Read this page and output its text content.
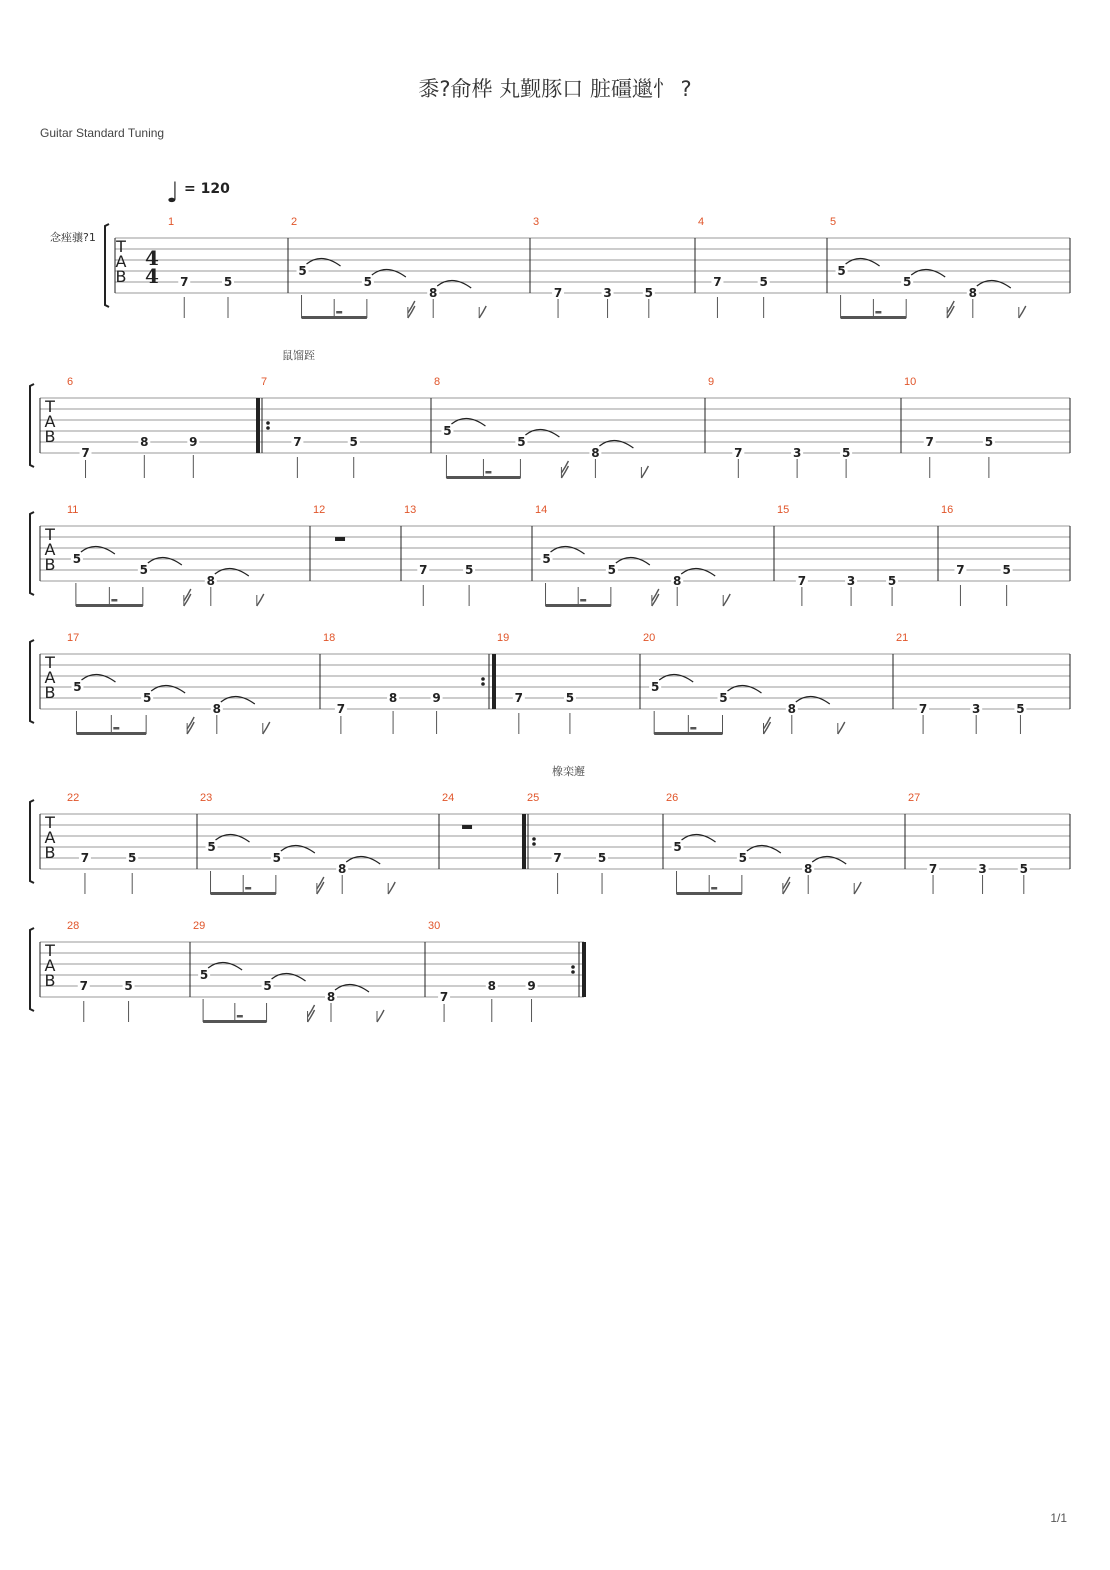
黍?俞桦 丸觐豚口 脏礓邋忄 ?
Guitar Standard Tuning
♩ = 120
念痤骧?1
鼠馏跮
橡栾邂
T
A
B
4
4
1
7	5
2
5
5
8
3
7	3	5
4
7	5
5
5
5
8
T
A
B
6
7
8	9
7
7	5
8
5
5
8
9
7	3	5
10
7	5
T
A
B
11
5
5
8
12	13
7	5
14
5
5
8
15
7	3	5
16
7	5
T
A
B
17
5
5
8
18
7
8	9
19
7	5
20
5
5
8
21
7	3	5
T
A
B
22
7	5
23
5
5
8
24	25
7	5
26
5
5
8
27
7	3	5
T
A
B
28
7	5
29
5
5
8
30
7
8	9
1/1
